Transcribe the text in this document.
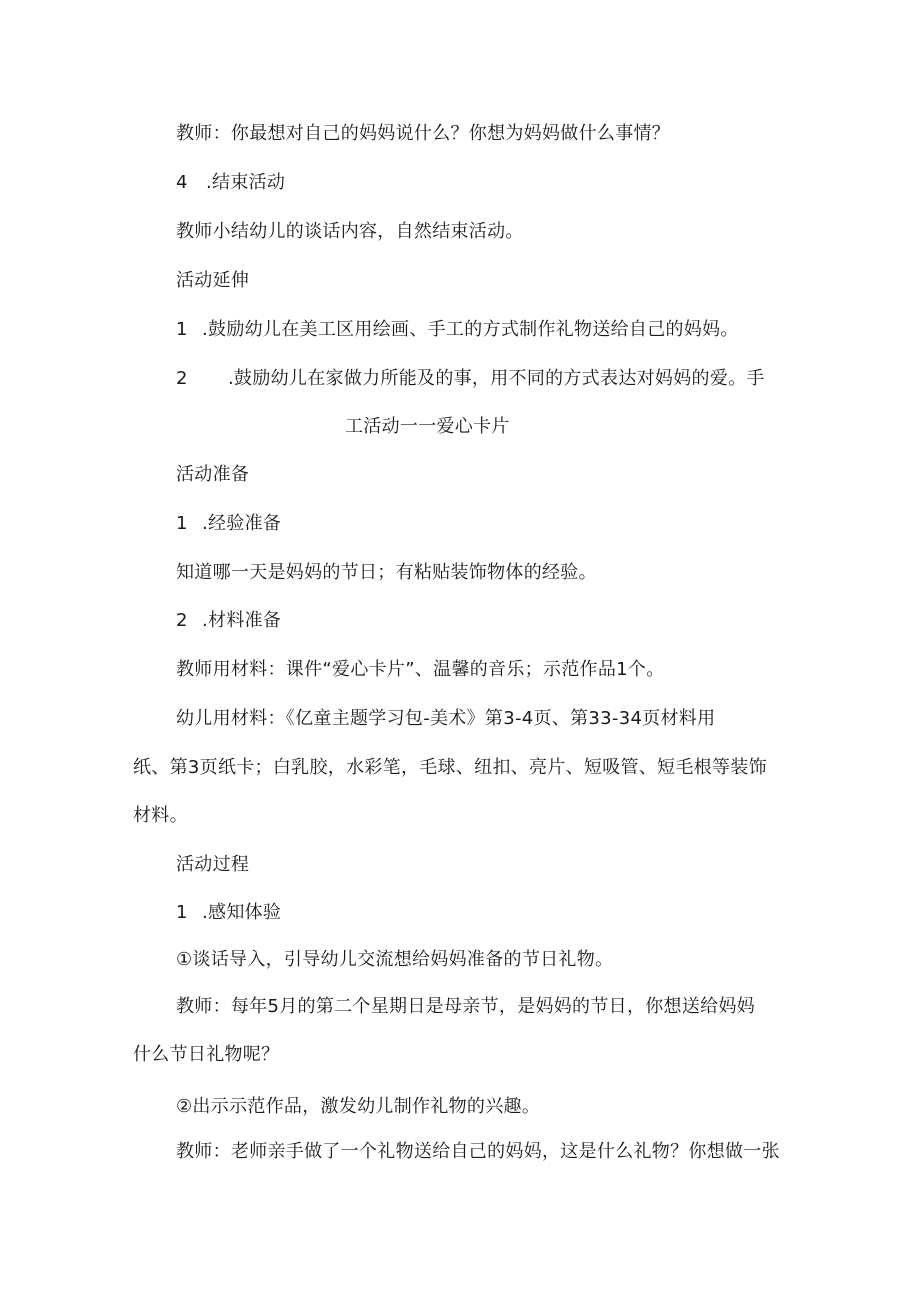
教师：你最想对自己的妈妈说什么？你想为妈妈做什么事情？
4 .结束活动
教师小结幼儿的谈话内容，自然结束活动。
活动延伸
1 .鼓励幼儿在美工区用绘画、手工的方式制作礼物送给自己的妈妈。
2 .鼓励幼儿在家做力所能及的事，用不同的方式表达对妈妈的爱。手
工活动一一爱心卡片
活动准备
1 .经验准备
知道哪一天是妈妈的节日；有粘贴装饰物体的经验。
2 .材料准备
教师用材料：课件“爱心卡片”、温馨的音乐；示范作品1个。
幼儿用材料：《亿童主题学习包-美术》第3-4页、第33-34页材料用
纸、第3页纸卡；白乳胶，水彩笔，毛球、纽扣、亮片、短吸管、短毛根等装饰
材料。
活动过程
1 .感知体验
①谈话导入，引导幼儿交流想给妈妈准备的节日礼物。
教师：每年5月的第二个星期日是母亲节，是妈妈的节日，你想送给妈妈
什么节日礼物呢？
②出示示范作品，激发幼儿制作礼物的兴趣。
教师：老师亲手做了一个礼物送给自己的妈妈，这是什么礼物？你想做一张
